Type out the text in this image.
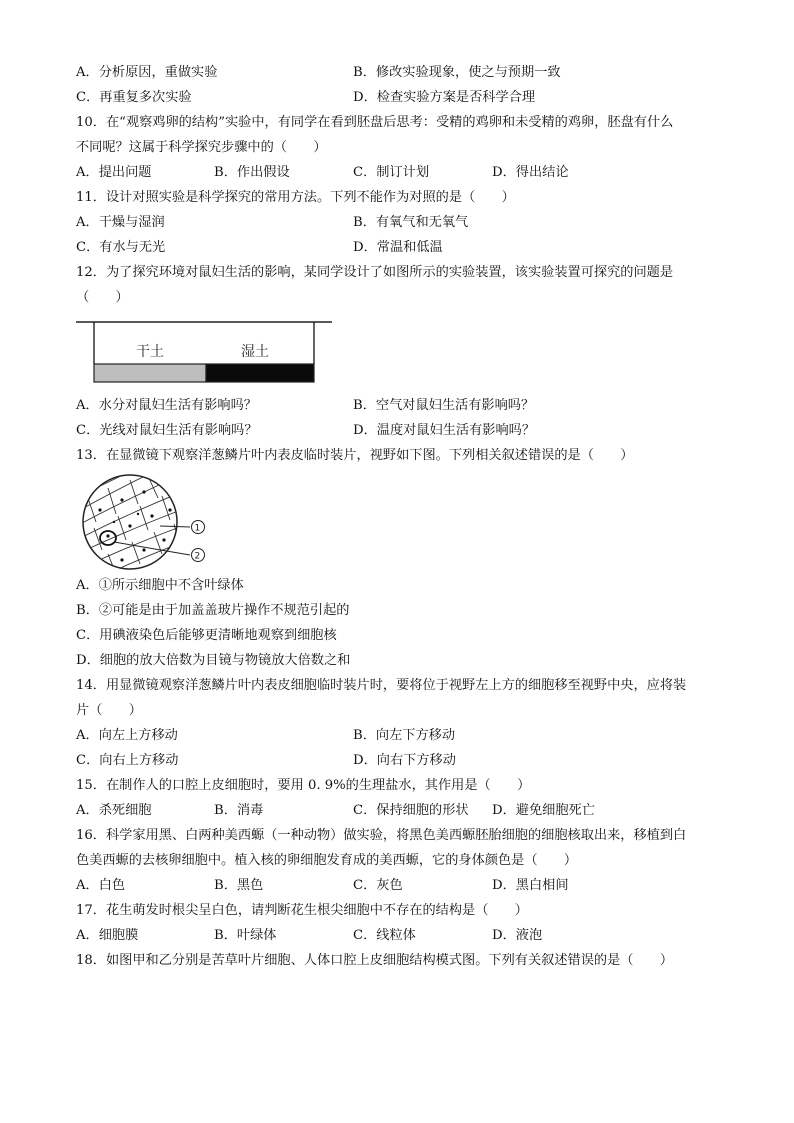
A．分析原因，重做实验	B．修改实验现象，使之与预期一致
C．再重复多次实验	D．检查实验方案是否科学合理
10．在“观察鸡卵的结构”实验中，有同学在看到胚盘后思考：受精的鸡卵和未受精的鸡卵，胚盘有什么
不同呢？这属于科学探究步骤中的（　　）
A．提出问题	B．作出假设	C．制订计划	D．得出结论
11．设计对照实验是科学探究的常用方法。下列不能作为对照的是（　　）
A．干燥与湿润	B．有氧气和无氧气
C．有水与无光	D．常温和低温
12．为了探究环境对鼠妇生活的影响，某同学设计了如图所示的实验装置，该实验装置可探究的问题是
（　　）
干土	湿土
A．水分对鼠妇生活有影响吗？	B．空气对鼠妇生活有影响吗？
C．光线对鼠妇生活有影响吗？	D．温度对鼠妇生活有影响吗？
13．在显微镜下观察洋葱鳞片叶内表皮临时装片，视野如下图。下列相关叙述错误的是（　　）
1
2
A．①所示细胞中不含叶绿体
B．②可能是由于加盖盖玻片操作不规范引起的
C．用碘液染色后能够更清晰地观察到细胞核
D．细胞的放大倍数为目镜与物镜放大倍数之和
14．用显微镜观察洋葱鳞片叶内表皮细胞临时装片时，要将位于视野左上方的细胞移至视野中央，应将装
片（　　）
A．向左上方移动	B．向左下方移动
C．向右上方移动	D．向右下方移动
15．在制作人的口腔上皮细胞时，要用 0. 9%的生理盐水，其作用是（　　）
A．杀死细胞	B．消毒	C．保持细胞的形状 D．避免细胞死亡
16．科学家用黑、白两种美西螈（一种动物）做实验，将黑色美西螈胚胎细胞的细胞核取出来，移植到白
色美西螈的去核卵细胞中。植入核的卵细胞发育成的美西螈，它的身体颜色是（　　）
A．白色	B．黑色	C．灰色	D．黑白相间
17．花生萌发时根尖呈白色，请判断花生根尖细胞中不存在的结构是（　　）
A．细胞膜	B．叶绿体	C．线粒体	D．液泡
18．如图甲和乙分别是苦草叶片细胞、人体口腔上皮细胞结构模式图。下列有关叙述错误的是（　　）
